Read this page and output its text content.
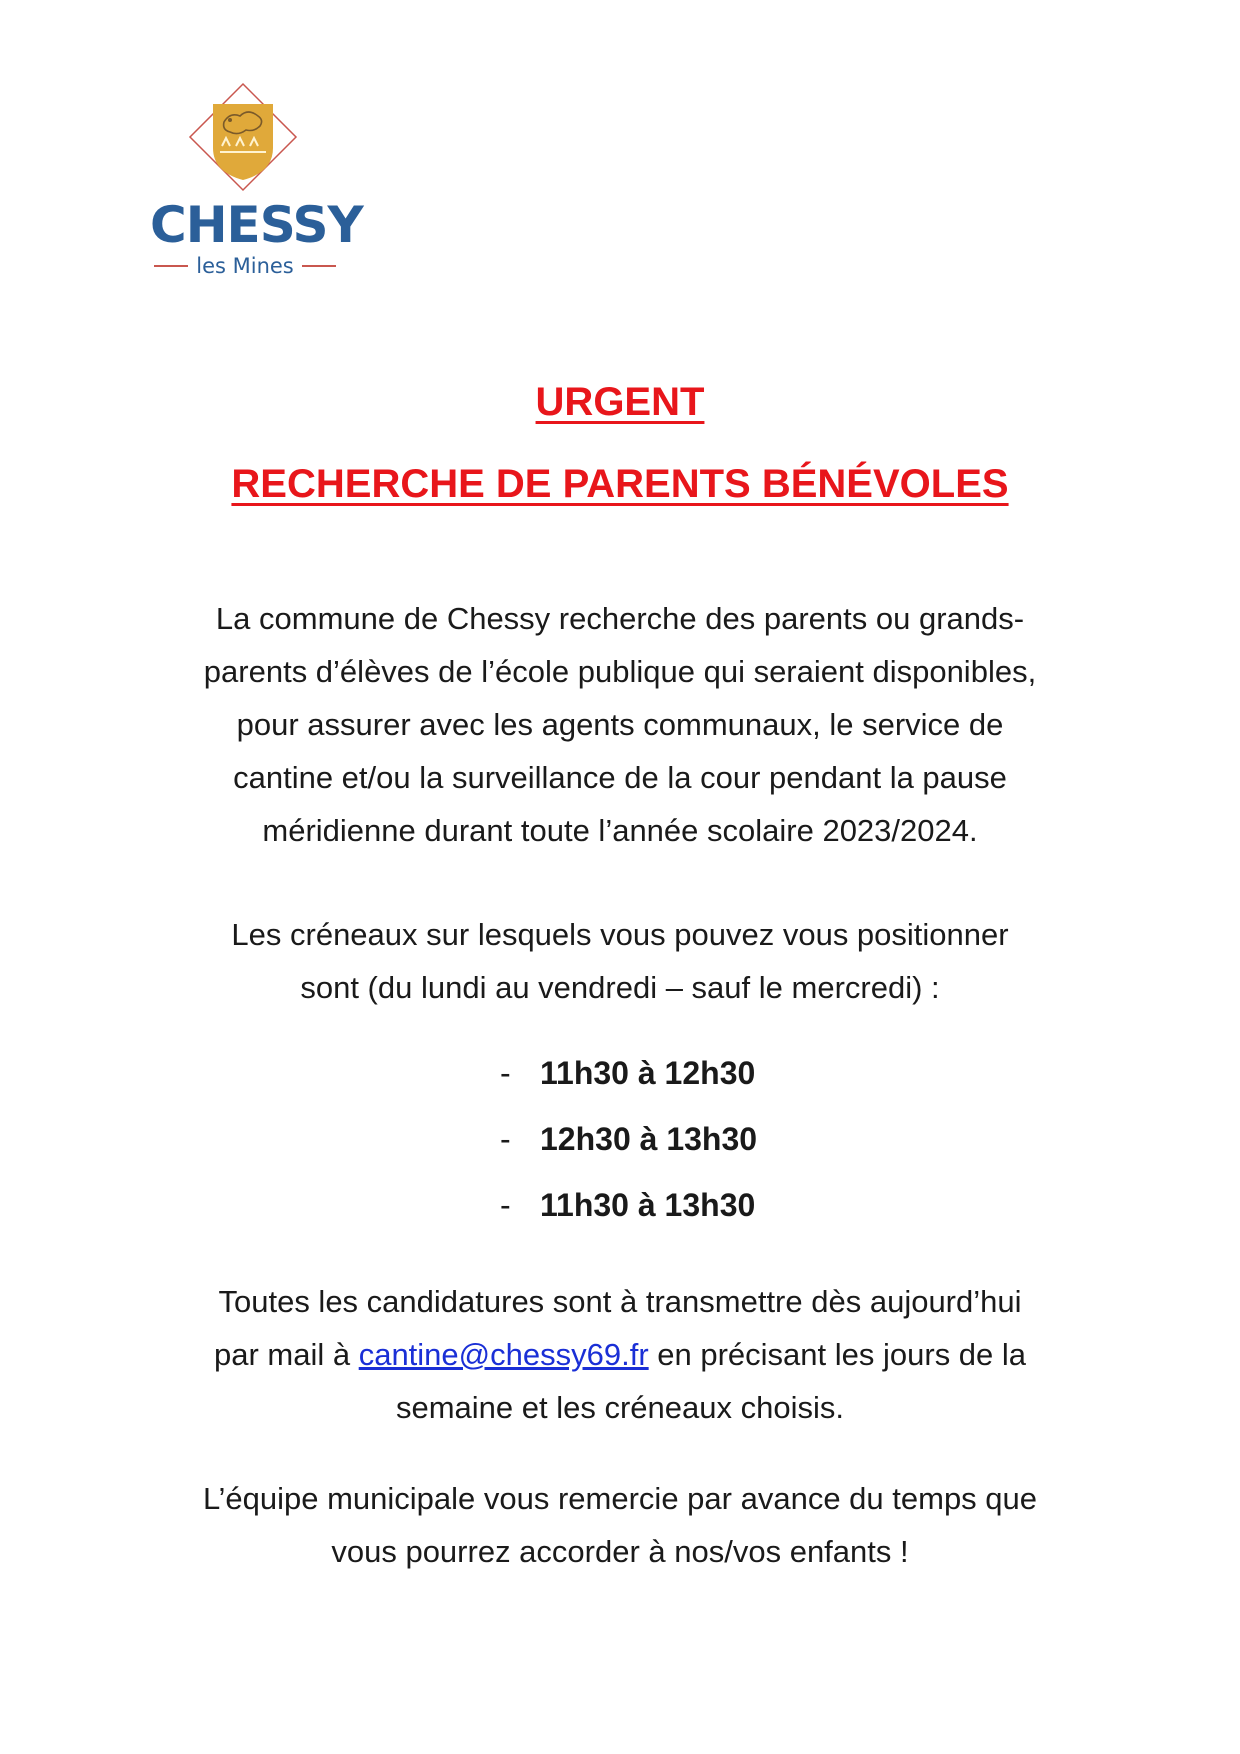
CHESSY
les Mines
URGENT
RECHERCHE DE PARENTS BÉNÉVOLES
La commune de Chessy recherche des parents ou grands-
parents d’élèves de l’école publique qui seraient disponibles,
pour assurer avec les agents communaux, le service de
cantine et/ou la surveillance de la cour pendant la pause
méridienne durant toute l’année scolaire 2023/2024.
Les créneaux sur lesquels vous pouvez vous positionner
sont (du lundi au vendredi – sauf le mercredi) :
- 11h30 à 12h30
- 12h30 à 13h30
- 11h30 à 13h30
Toutes les candidatures sont à transmettre dès aujourd’hui
par mail à cantine@chessy69.fr en précisant les jours de la
semaine et les créneaux choisis.
L’équipe municipale vous remercie par avance du temps que
vous pourrez accorder à nos/vos enfants !
